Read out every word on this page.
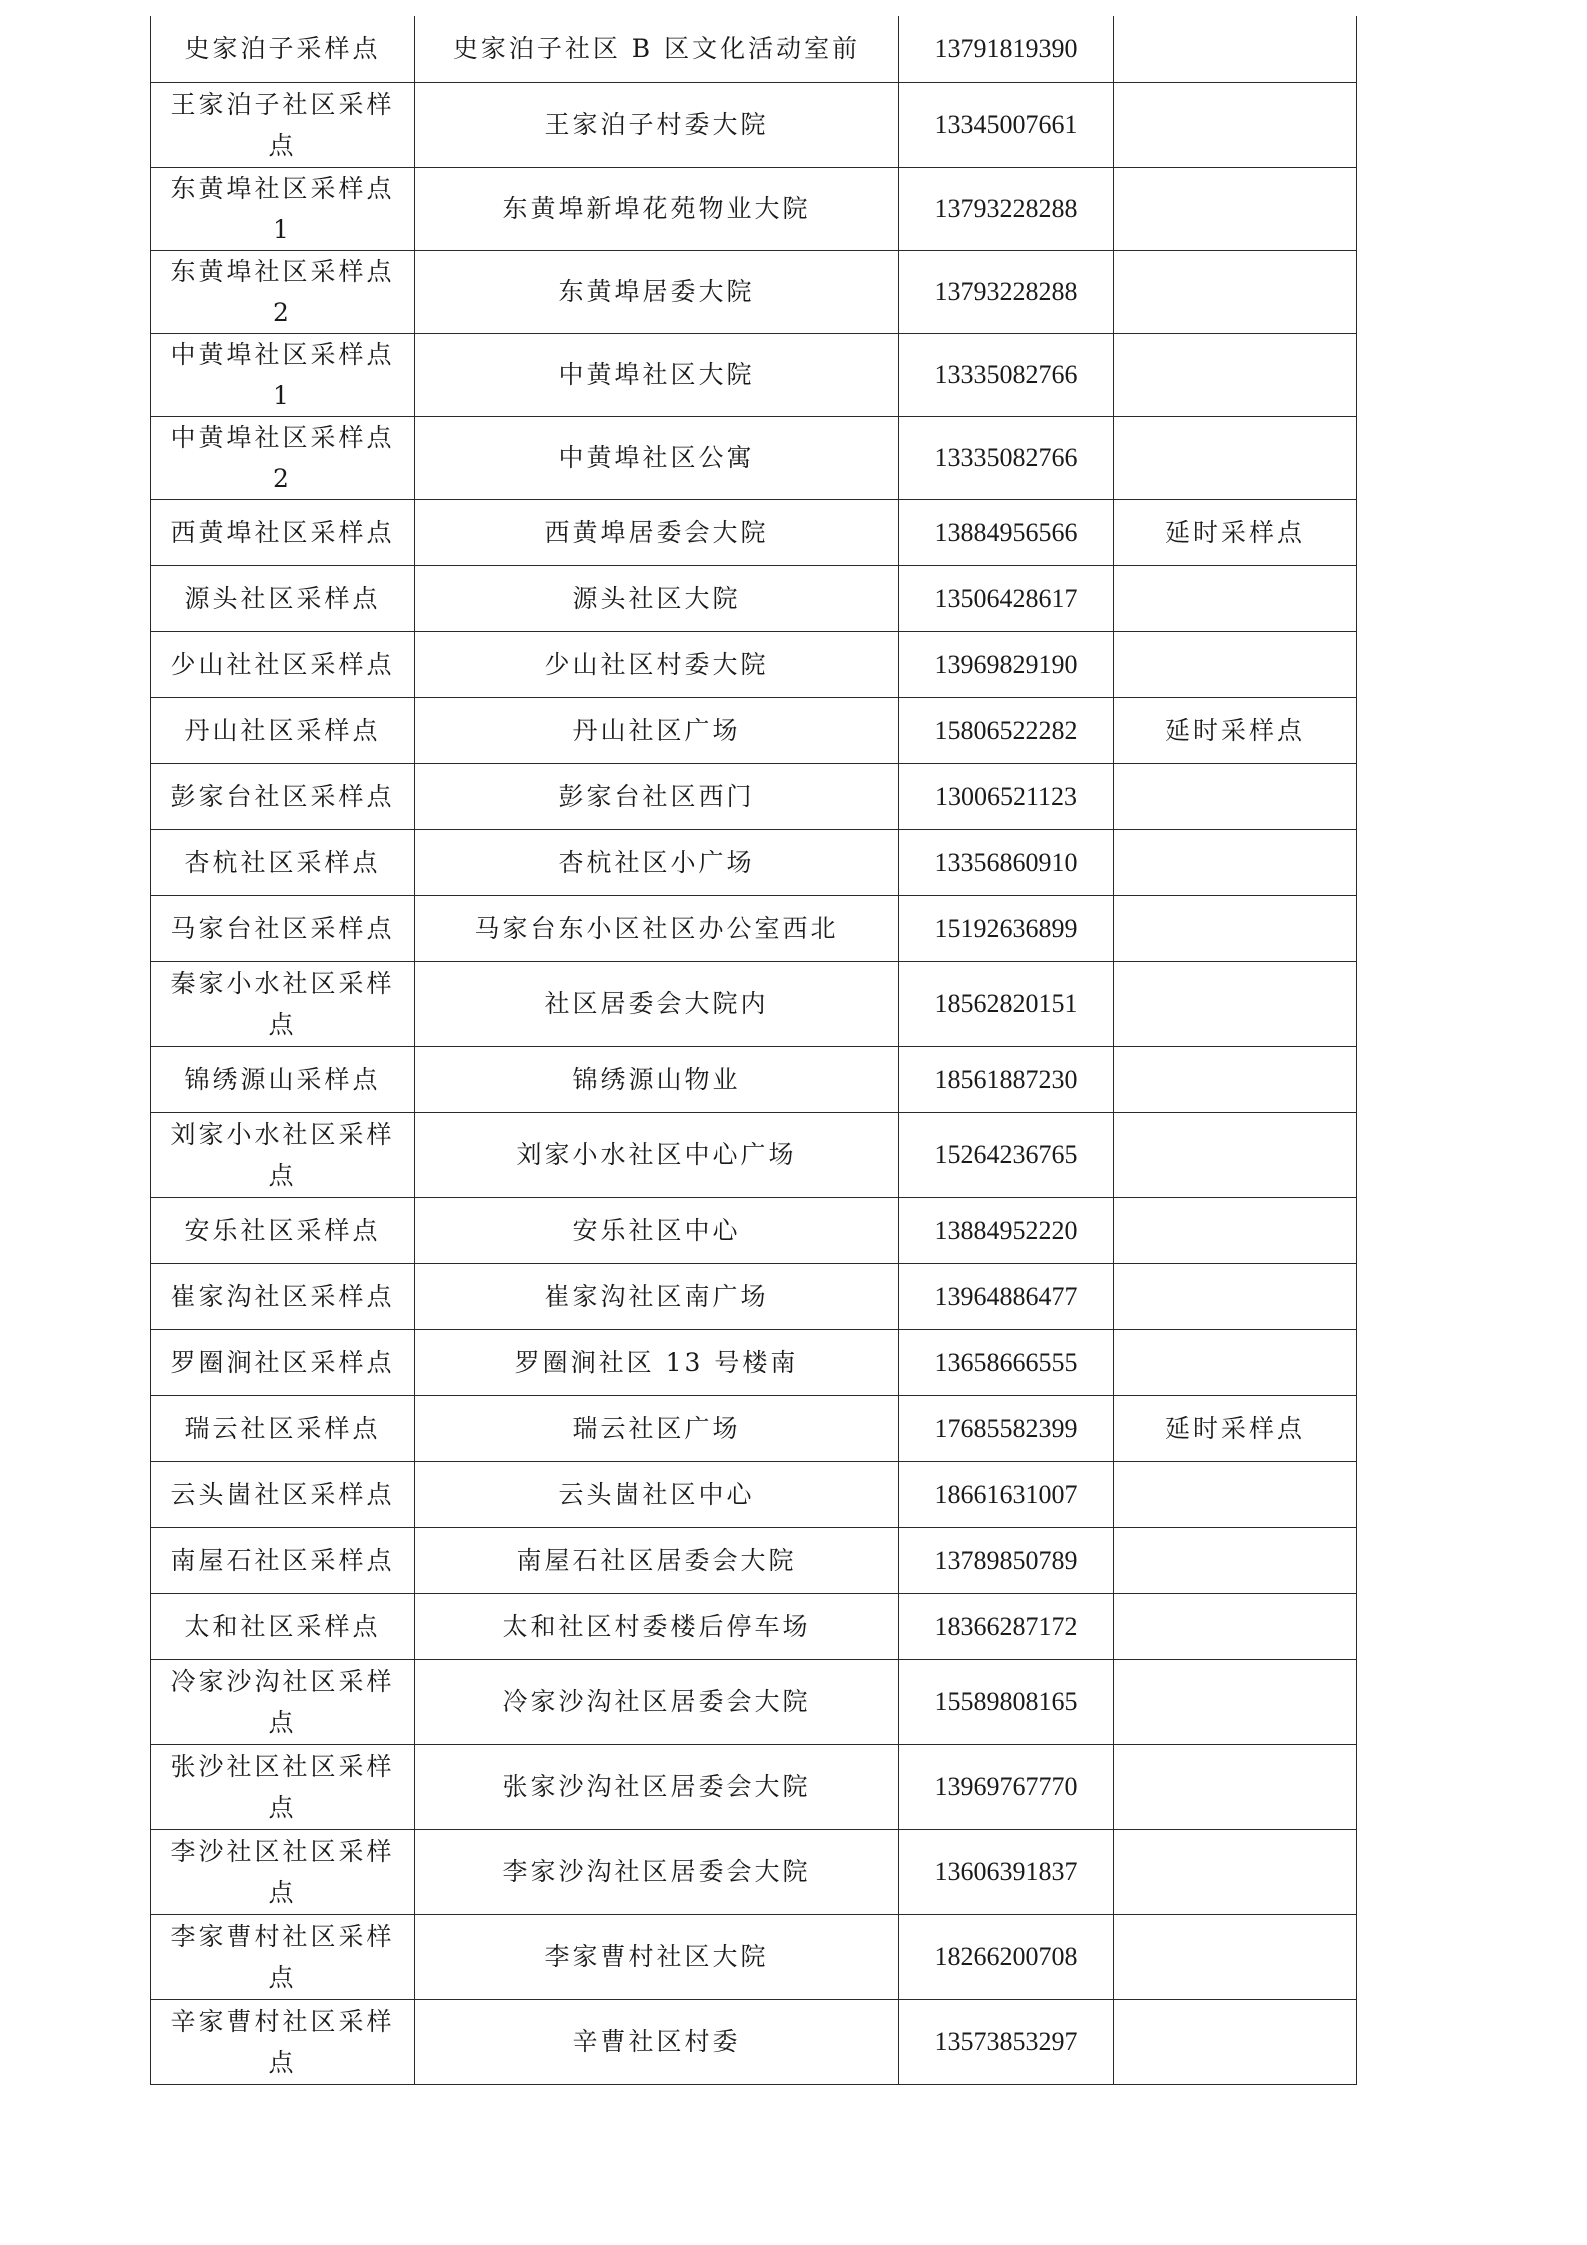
史家泊子采样点	史家泊子社区 B 区文化活动室前	13791819390	
王家泊子社区采样点	王家泊子村委大院	13345007661	
东黄埠社区采样点 1	东黄埠新埠花苑物业大院	13793228288	
东黄埠社区采样点 2	东黄埠居委大院	13793228288	
中黄埠社区采样点 1	中黄埠社区大院	13335082766	
中黄埠社区采样点 2	中黄埠社区公寓	13335082766	
西黄埠社区采样点	西黄埠居委会大院	13884956566	延时采样点
源头社区采样点	源头社区大院	13506428617	
少山社社区采样点	少山社区村委大院	13969829190	
丹山社区采样点	丹山社区广场	15806522282	延时采样点
彭家台社区采样点	彭家台社区西门	13006521123	
杏杭社区采样点	杏杭社区小广场	13356860910	
马家台社区采样点	马家台东小区社区办公室西北	15192636899	
秦家小水社区采样点	社区居委会大院内	18562820151	
锦绣源山采样点	锦绣源山物业	18561887230	
刘家小水社区采样点	刘家小水社区中心广场	15264236765	
安乐社区采样点	安乐社区中心	13884952220	
崔家沟社区采样点	崔家沟社区南广场	13964886477	
罗圈涧社区采样点	罗圈涧社区 13 号楼南	13658666555	
瑞云社区采样点	瑞云社区广场	17685582399	延时采样点
云头崮社区采样点	云头崮社区中心	18661631007	
南屋石社区采样点	南屋石社区居委会大院	13789850789	
太和社区采样点	太和社区村委楼后停车场	18366287172	
冷家沙沟社区采样点	冷家沙沟社区居委会大院	15589808165	
张沙社区社区采样点	张家沙沟社区居委会大院	13969767770	
李沙社区社区采样点	李家沙沟社区居委会大院	13606391837	
李家曹村社区采样点	李家曹村社区大院	18266200708	
辛家曹村社区采样点	辛曹社区村委	13573853297	
